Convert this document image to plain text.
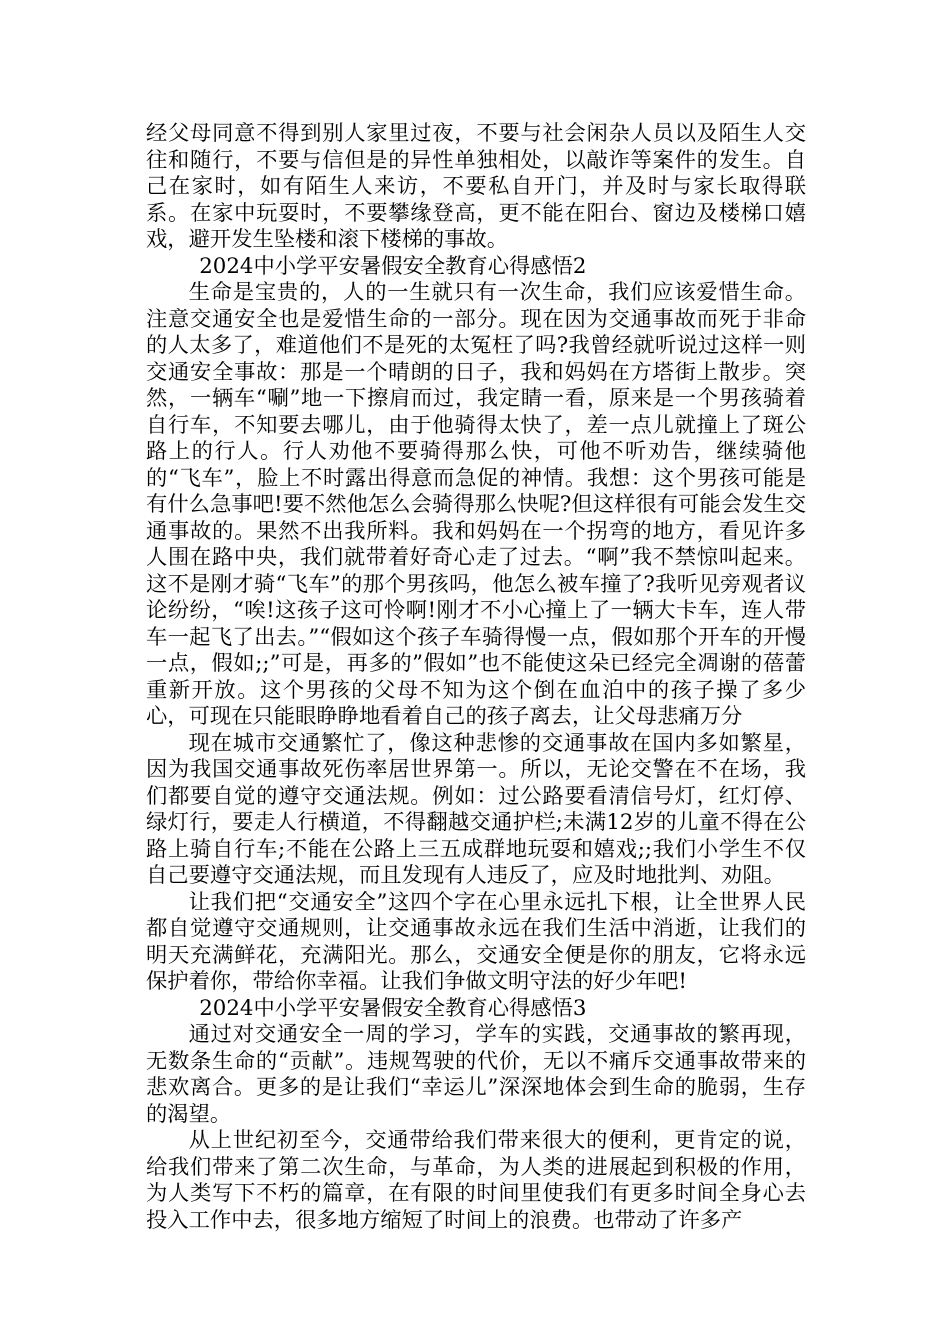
经父母同意不得到别人家里过夜，不要与社会闲杂人员以及陌生人交往和随行，不要与信但是的异性单独相处，以敲诈等案件的发生。自己在家时，如有陌生人来访，不要私自开门，并及时与家长取得联系。在家中玩耍时，不要攀缘登高，更不能在阳台、窗边及楼梯口嬉戏，避开发生坠楼和滚下楼梯的事故。

2024中小学平安暑假安全教育心得感悟2

生命是宝贵的，人的一生就只有一次生命，我们应该爱惜生命。注意交通安全也是爱惜生命的一部分。现在因为交通事故而死于非命的人太多了，难道他们不是死的太冤枉了吗?我曾经就听说过这样一则交通安全事故：那是一个晴朗的日子，我和妈妈在方塔街上散步。突然，一辆车“唰”地一下擦肩而过，我定睛一看，原来是一个男孩骑着自行车，不知要去哪儿，由于他骑得太快了，差一点儿就撞上了斑公路上的行人。行人劝他不要骑得那么快，可他不听劝告，继续骑他的“飞车”，脸上不时露出得意而急促的神情。我想：这个男孩可能是有什么急事吧!要不然他怎么会骑得那么快呢?但这样很有可能会发生交通事故的。果然不出我所料。我和妈妈在一个拐弯的地方，看见许多人围在路中央，我们就带着好奇心走了过去。“啊”我不禁惊叫起来。这不是刚才骑“飞车”的那个男孩吗，他怎么被车撞了?我听见旁观者议论纷纷，“唉!这孩子这可怜啊!刚才不小心撞上了一辆大卡车，连人带车一起飞了出去。”“假如这个孩子车骑得慢一点，假如那个开车的开慢一点，假如;;”可是，再多的”假如”也不能使这朵已经完全凋谢的蓓蕾重新开放。这个男孩的父母不知为这个倒在血泊中的孩子操了多少心，可现在只能眼睁睁地看着自己的孩子离去，让父母悲痛万分

现在城市交通繁忙了，像这种悲惨的交通事故在国内多如繁星，因为我国交通事故死伤率居世界第一。所以，无论交警在不在场，我们都要自觉的遵守交通法规。例如：过公路要看清信号灯，红灯停、绿灯行，要走人行横道，不得翻越交通护栏;未满12岁的儿童不得在公路上骑自行车;不能在公路上三五成群地玩耍和嬉戏;;我们小学生不仅自己要遵守交通法规，而且发现有人违反了，应及时地批判、劝阻。

让我们把“交通安全”这四个字在心里永远扎下根，让全世界人民都自觉遵守交通规则，让交通事故永远在我们生活中消逝，让我们的明天充满鲜花，充满阳光。那么，交通安全便是你的朋友，它将永远保护着你，带给你幸福。让我们争做文明守法的好少年吧!

2024中小学平安暑假安全教育心得感悟3

通过对交通安全一周的学习，学车的实践，交通事故的繁再现，无数条生命的“贡献”。违规驾驶的代价，无以不痛斥交通事故带来的悲欢离合。更多的是让我们“幸运儿”深深地体会到生命的脆弱，生存的渴望。

从上世纪初至今，交通带给我们带来很大的便利，更肯定的说，给我们带来了第二次生命，与革命，为人类的进展起到积极的作用，为人类写下不朽的篇章，在有限的时间里使我们有更多时间全身心去投入工作中去，很多地方缩短了时间上的浪费。也带动了许多产
